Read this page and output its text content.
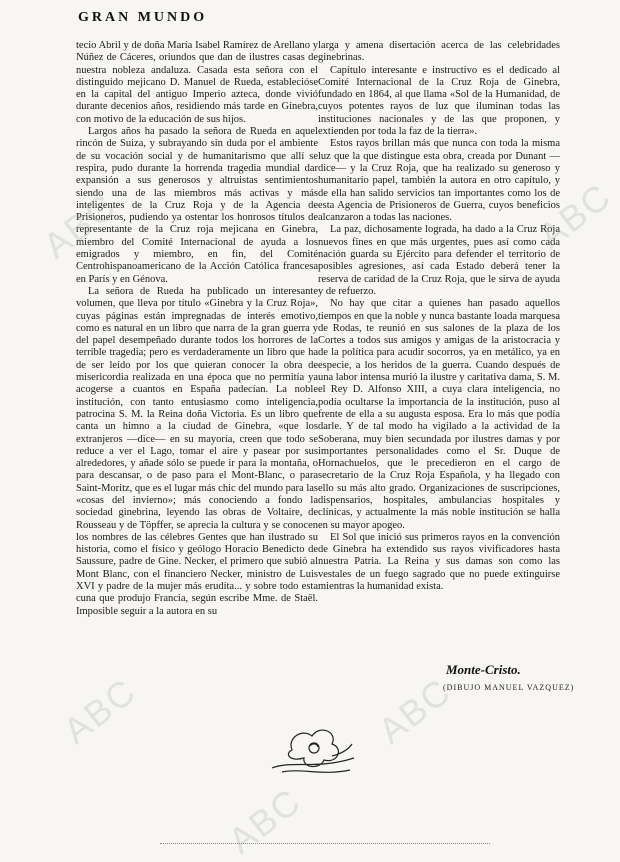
GRAN MUNDO

tecio Abril y de doña María Isabel Ramírez de Arellano y Núñez de Cáceres, oriundos que dan de ilustres casas de nuestra nobleza andaluza. Casada esta señora con el distinguido mejicano D. Manuel de Rueda, establecióse en la capital del antiguo Imperio azteca, donde vivió durante decenios años, residiendo más tarde en Ginebra, con motivo de la educación de sus hijos.

Largos años ha pasado la señora de Rueda en aquel rincón de Suiza, y subrayando sin duda por el ambiente de su vocación social y de humanitarismo que allí se respira, pudo durante la horrenda tragedia mundial dar expansión a sus generosos y altruistas sentimientos siendo una de las miembros más activas y más inteligentes de la Cruz Roja y de la Agencia de Prisioneros, pudiendo ya ostentar los honrosos títulos de representante de la Cruz roja mejicana en Ginebra, miembro del Comité Internacional de ayuda a los emigrados y miembro, en fin, del Comité Centrohispanoamericano de la Acción Católica francesa en París y en Génova.

La señora de Rueda ha publicado un interesante volumen, que lleva por título «Ginebra y la Cruz Roja», cuyas páginas están impregnadas de interés emotivo, como es natural en un libro que narra de la gran guerra y del papel desempeñado durante todos los horrores de la terrible tragedia; pero es verdaderamente un libro que ha de ser leído por los que quieran conocer la obra de misericordia realizada en una época que no permitía ya acogerse a cuantos en España padecían. La noble institución, con tanto entusiasmo como inteligencia, patrocina S. M. la Reina doña Victoria. Es un libro que canta un himno a la ciudad de Ginebra, «que los extranjeros —dice— en su mayoría, creen que todo se reduce a ver el Lago, tomar el aire y pasear por sus alrededores, y añade sólo se puede ir para la montaña, o para descansar, o de paso para el Mont-Blanc, o para Saint-Moritz, que es el lugar más chic del mundo para las «cosas del invierno»; más conociendo a fondo la sociedad ginebrina, leyendo las obras de Voltaire, de Rousseau y de Töpffer, se aprecia la cultura y se conocen los nombres de las célebres Gentes que han ilustrado su historia, como el físico y geólogo Horacio Benedicto de Saussure, padre de Gine. Necker, el primero que subió al Mont Blanc, con el financiero Necker, ministro de Luis XVI y padre de la mujer más erudita... y sobre todo esta cuna que produjo Francia, según escribe Mme. de Staël. Imposible seguir a la autora en su

larga y amena disertación acerca de las celebridades ginebrinas.

Capítulo interesante e instructivo es el dedicado al Comité Internacional de la Cruz Roja de Ginebra, fundado en 1864, al que llama «Sol de la Humanidad, de cuyos potentes rayos de luz que iluminan todas las instituciones nacionales y de las que proponen, y extienden por toda la faz de la tierra».

Estos rayos brillan más que nunca con toda la misma luz que la que distingue esta obra, creada por Dunant —dice— y la Cruz Roja, que ha realizado su generoso y humanitario papel, también la autora en otro capítulo, y de ella han salido servicios tan importantes como los de esta Agencia de Prisioneros de Guerra, cuyos beneficios alcanzaron a todas las naciones.

La paz, dichosamente lograda, ha dado a la Cruz Roja nuevos fines en que más urgentes, pues así como cada nación guarda su Ejército para defender el territorio de posibles agresiones, así cada Estado deberá tener la reserva de caridad de la Cruz Roja, que le sirva de ayuda y de refuerzo.

No hay que citar a quienes han pasado aquellos tiempos en que la noble y nunca bastante loada marquesa de Rodas, te reunió en sus salones de la plaza de los Cortes a todos sus amigos y amigas de la aristocracia y de la política para acudir socorros, ya en metálico, ya en especie, a los heridos de la guerra. Cuando después de una labor intensa murió la ilustre y caritativa dama, S. M. el Rey D. Alfonso XIII, a cuya clara inteligencia, no podía ocultarse la importancia de la institución, puso al frente de ella a su augusta esposa. Era lo más que podía darle. Y de tal modo ha vigilado a la actividad de la Soberana, muy bien secundada por ilustres damas y por importantes personalidades como el Sr. Duque de Hornachuelos, que le precedieron en el cargo de secretario de la Cruz Roja Española, y ha llegado con ello su más alto grado. Organizaciones de suscripciones, dispensarios, hospitales, ambulancias hospitales y clínicas, y actualmente la más noble institución se halla en su mayor apogeo.

El Sol que inició sus primeros rayos en la convención de Ginebra ha extendido sus rayos vivificadores hasta nuestra Patria. La Reina y sus damas son como las vestales de un fuego sagrado que no puede extinguirse mientras la humanidad exista.

Monte-Cristo.
(DIBUJO MANUEL VAZQUEZ)
ABC	ABC
ABC	ABC
ABC
